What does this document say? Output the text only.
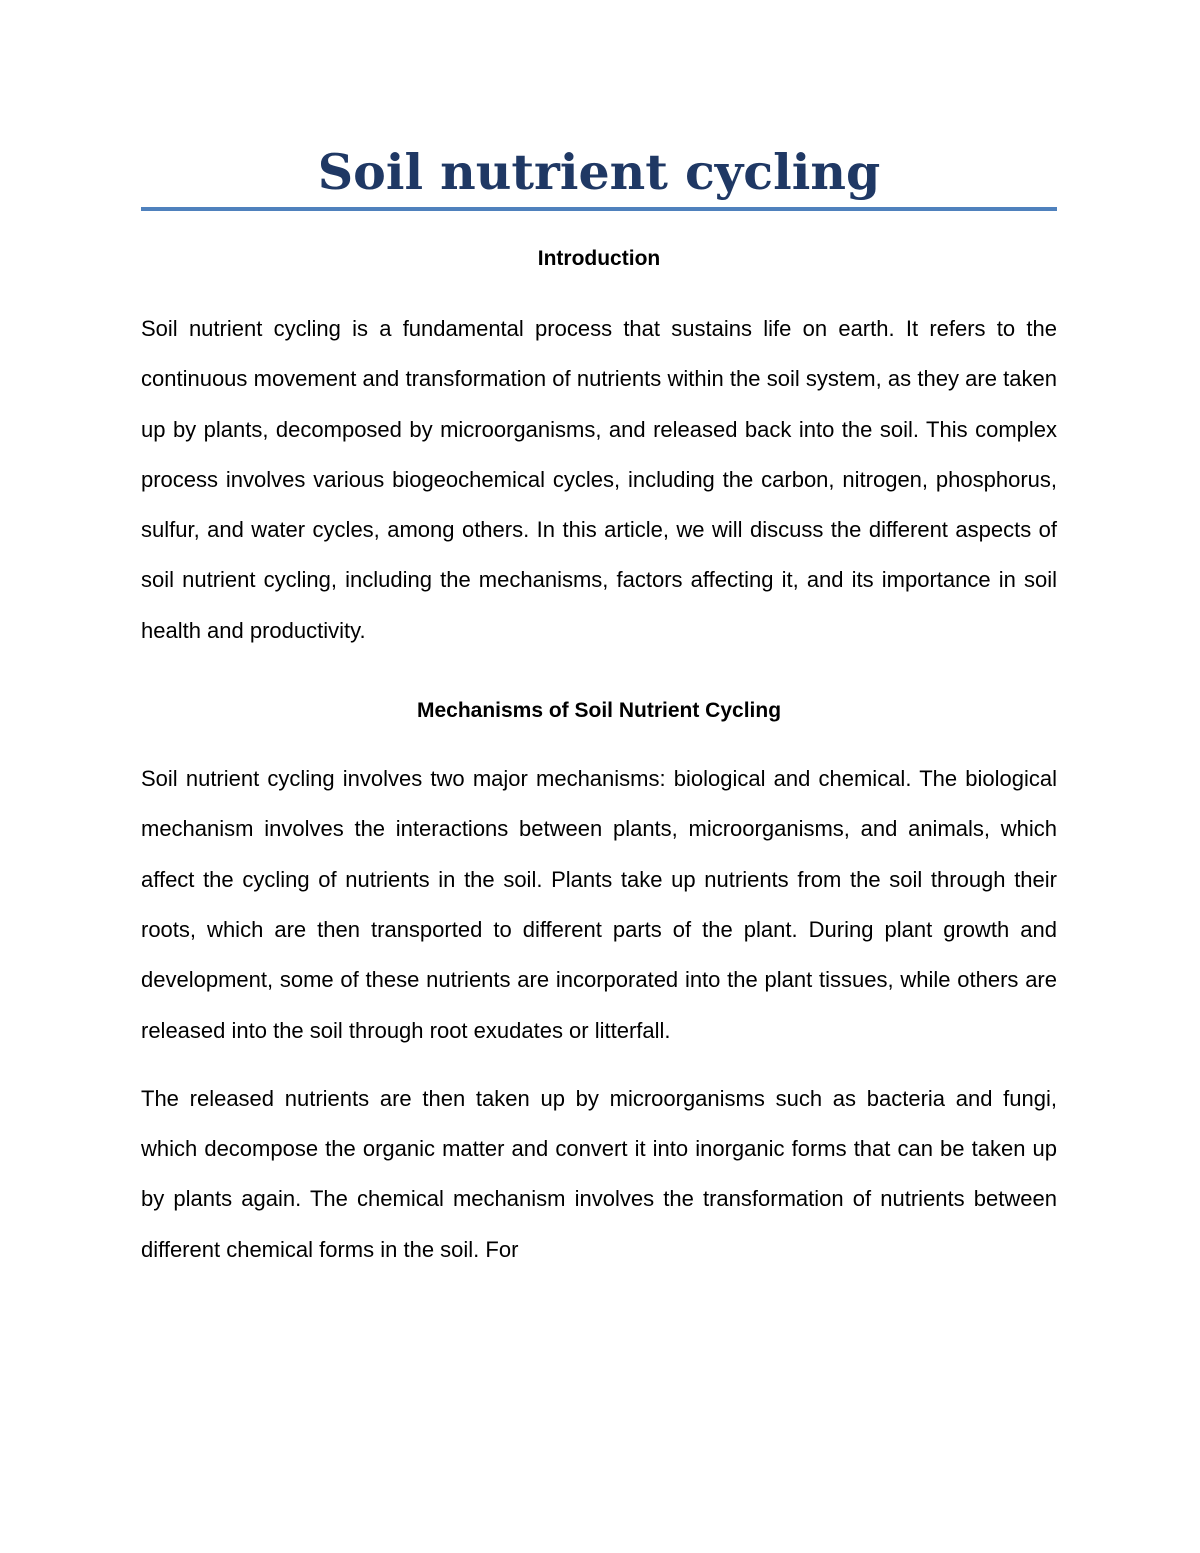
Soil nutrient cycling
Introduction

Soil nutrient cycling is a fundamental process that sustains life on earth. It refers to the continuous movement and transformation of nutrients within the soil system, as they are taken up by plants, decomposed by microorganisms, and released back into the soil. This complex process involves various biogeochemical cycles, including the carbon, nitrogen, phosphorus, sulfur, and water cycles, among others. In this article, we will discuss the different aspects of soil nutrient cycling, including the mechanisms, factors affecting it, and its importance in soil health and productivity.

Mechanisms of Soil Nutrient Cycling

Soil nutrient cycling involves two major mechanisms: biological and chemical. The biological mechanism involves the interactions between plants, microorganisms, and animals, which affect the cycling of nutrients in the soil. Plants take up nutrients from the soil through their roots, which are then transported to different parts of the plant. During plant growth and development, some of these nutrients are incorporated into the plant tissues, while others are released into the soil through root exudates or litterfall.

The released nutrients are then taken up by microorganisms such as bacteria and fungi, which decompose the organic matter and convert it into inorganic forms that can be taken up by plants again. The chemical mechanism involves the transformation of nutrients between different chemical forms in the soil. For
